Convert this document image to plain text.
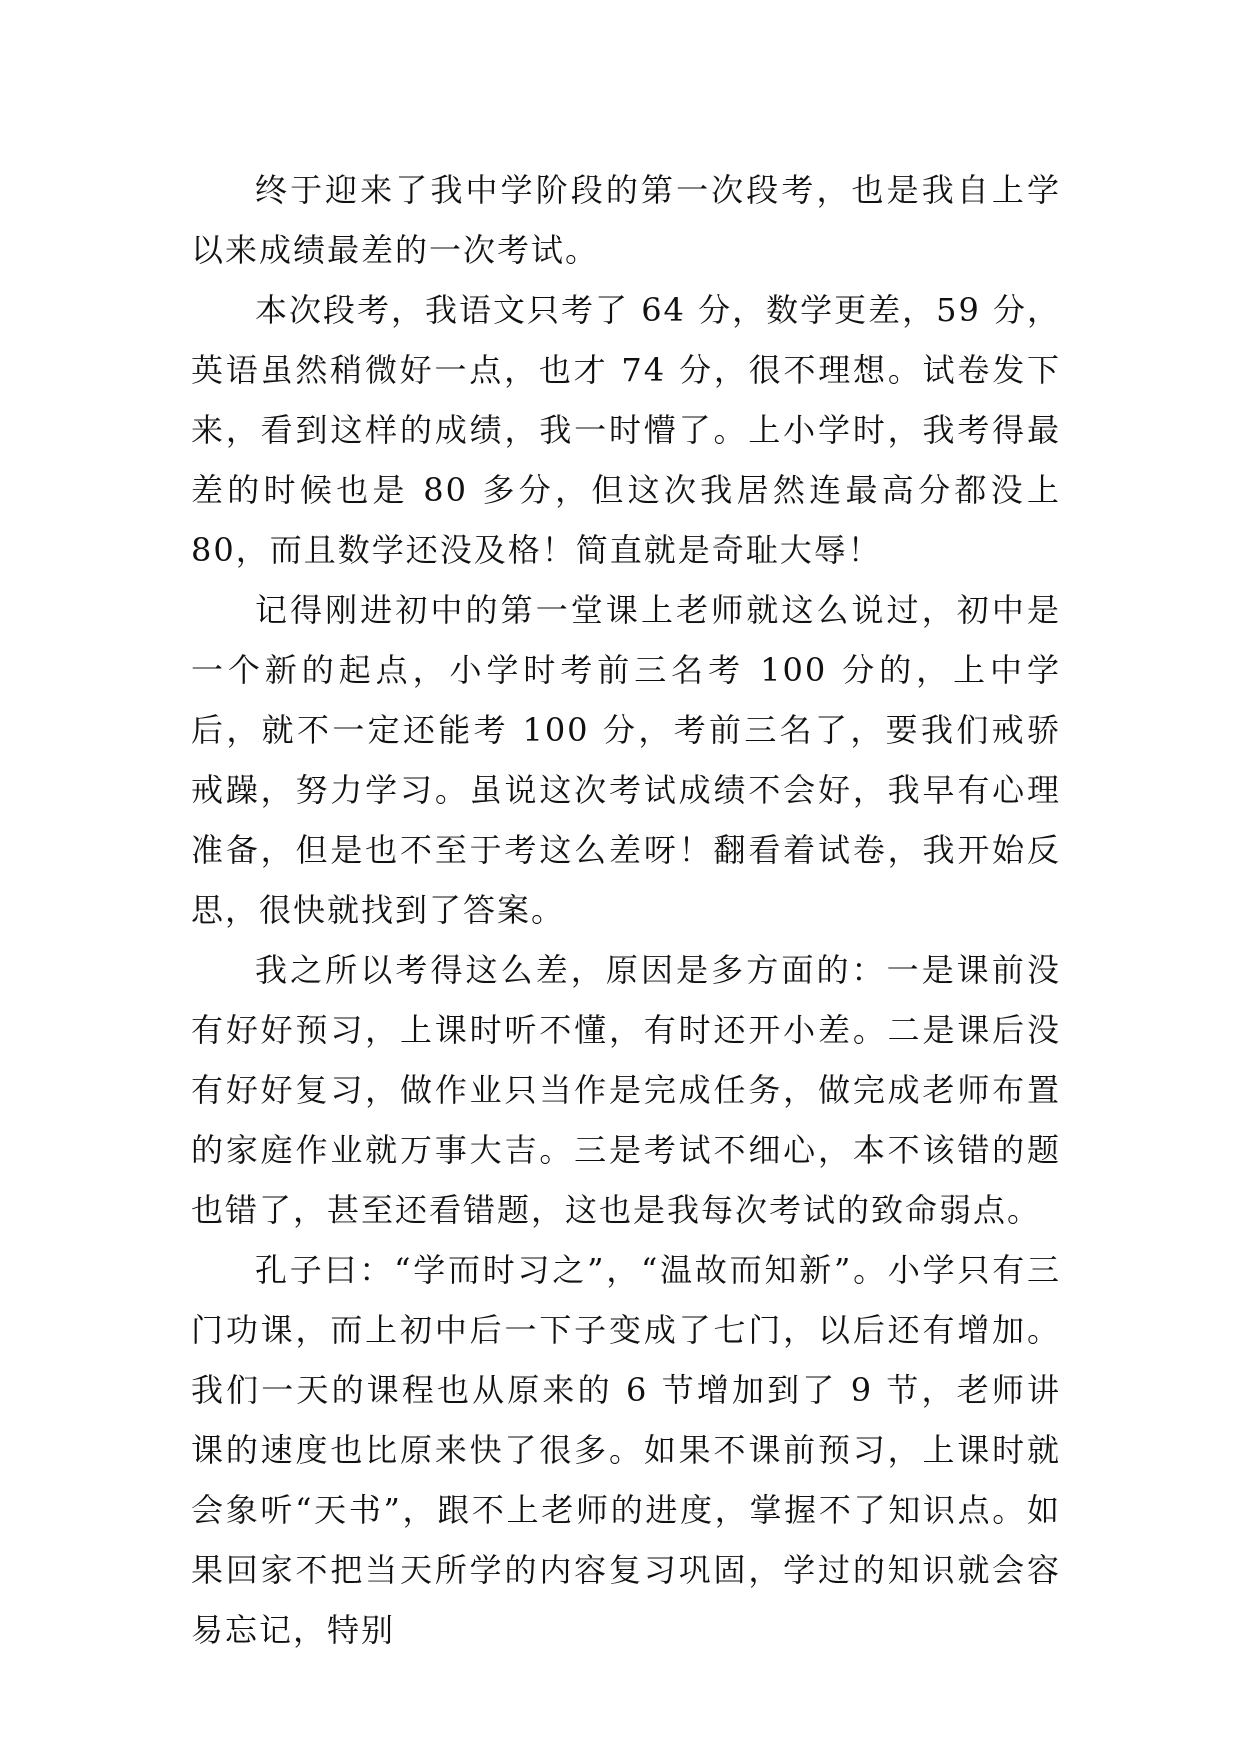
终于迎来了我中学阶段的第一次段考，也是我自上学以来成绩最差的一次考试。

本次段考，我语文只考了 64 分，数学更差，59 分，英语虽然稍微好一点，也才 74 分，很不理想。试卷发下来，看到这样的成绩，我一时懵了。上小学时，我考得最差的时候也是 80 多分，但这次我居然连最高分都没上 80，而且数学还没及格！简直就是奇耻大辱！

记得刚进初中的第一堂课上老师就这么说过，初中是一个新的起点，小学时考前三名考 100 分的，上中学后，就不一定还能考 100 分，考前三名了，要我们戒骄戒躁，努力学习。虽说这次考试成绩不会好，我早有心理准备，但是也不至于考这么差呀！翻看着试卷，我开始反思，很快就找到了答案。

我之所以考得这么差，原因是多方面的：一是课前没有好好预习，上课时听不懂，有时还开小差。二是课后没有好好复习，做作业只当作是完成任务，做完成老师布置的家庭作业就万事大吉。三是考试不细心，本不该错的题也错了，甚至还看错题，这也是我每次考试的致命弱点。

孔子曰：“学而时习之”，“温故而知新”。小学只有三门功课，而上初中后一下子变成了七门，以后还有增加。我们一天的课程也从原来的 6 节增加到了 9 节，老师讲课的速度也比原来快了很多。如果不课前预习，上课时就会象听“天书”，跟不上老师的进度，掌握不了知识点。如果回家不把当天所学的内容复习巩固，学过的知识就会容易忘记，特别
